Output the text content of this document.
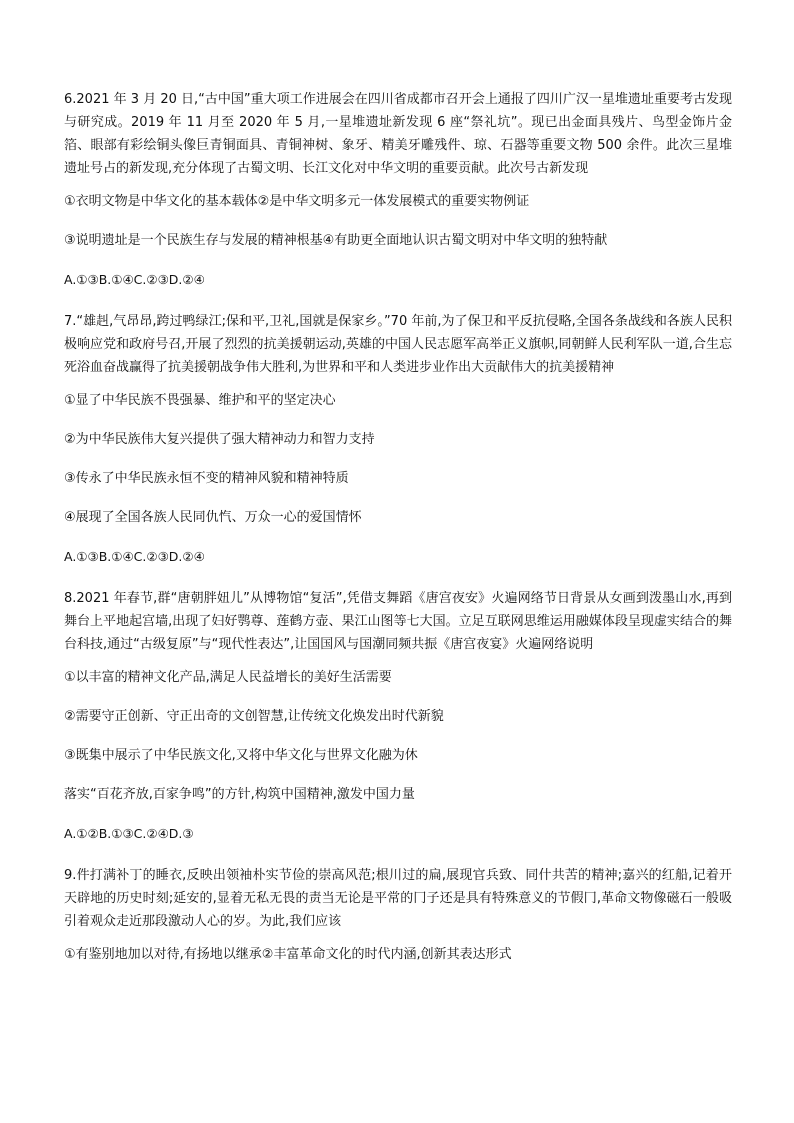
6.2021 年 3 月 20 日,“古中国”重大项工作进展会在四川省成都市召开会上通报了四川广汉一星堆遗址重要考古发现与研究成。2019 年 11 月至 2020 年 5 月,一星堆遗址新发现 6 座“祭礼坑”。现已出金面具残片、鸟型金饰片金箔、眼部有彩绘铜头像巨青铜面具、青铜神树、象牙、精美牙雕残件、琼、石器等重要文物 500 余件。此次三星堆遗址号占的新发现,充分体现了古蜀文明、长江文化对中华文明的重要贡献。此次号古新发现

①衣明文物是中华文化的基本载体②是中华文明多元一体发展模式的重要实物例证

③说明遗址是一个民族生存与发展的精神根基④有助更全面地认识古蜀文明对中华文明的独特献

A.①③B.①④C.②③D.②④

7.“雄赳,气昂昂,跨过鸭绿江;保和平,卫礼,国就是保家乡。”70 年前,为了保卫和平反抗侵略,全国各条战线和各族人民积极响应党和政府号召,开展了烈烈的抗美援朝运动,英雄的中国人民志愿军高举正义旗帜,同朝鲜人民利军队一道,合生忘死浴血奋战赢得了抗美援朝战争伟大胜利,为世界和平和人类进步业作出大贡献伟大的抗美援精神

①显了中华民族不畏强暴、维护和平的坚定决心

②为中华民族伟大复兴提供了强大精神动力和智力支持

③传永了中华民族永恒不变的精神风貌和精神特质

④展现了全国各族人民同仇忾、万众一心的爱国情怀

A.①③B.①④C.②③D.②④

8.2021 年春节,群“唐朝胖妞儿”从博物馆“复活”,凭借支舞蹈《唐宫夜安》火遍网络节日背景从女画到泼墨山水,再到舞台上平地起宫墙,出现了妇好鹗尊、莲鹤方壶、果江山图等七大国。立足互联网思维运用融媒体段呈现虚实结合的舞台科技,通过“古级复原”与“现代性表达”,让国国风与国潮同频共振《唐宫夜宴》火遍网络说明

①以丰富的精神文化产品,满足人民益增长的美好生活需要

②需要守正创新、守正出奇的文创智慧,让传统文化焕发出时代新貌

③既集中展示了中华民族文化,又将中华文化与世界文化融为休

落实“百花齐放,百家争鸣”的方针,构筑中国精神,激发中国力量

A.①②B.①③C.②④D.③

9.件打满补丁的睡衣,反映出领袖朴实节俭的崇高风范;根川过的扁,展现官兵致、同什共苦的精神;嘉兴的红船,记着开天辟地的历史时刻;延安的,显着无私无畏的责当无论是平常的冂子还是具有特殊意义的节假冂,革命文物像磁石一般吸引着观众走近那段激动人心的岁。为此,我们应该

①有鉴别地加以对待,有扬地以继承②丰富革命文化的时代内涵,创新其表达形式
